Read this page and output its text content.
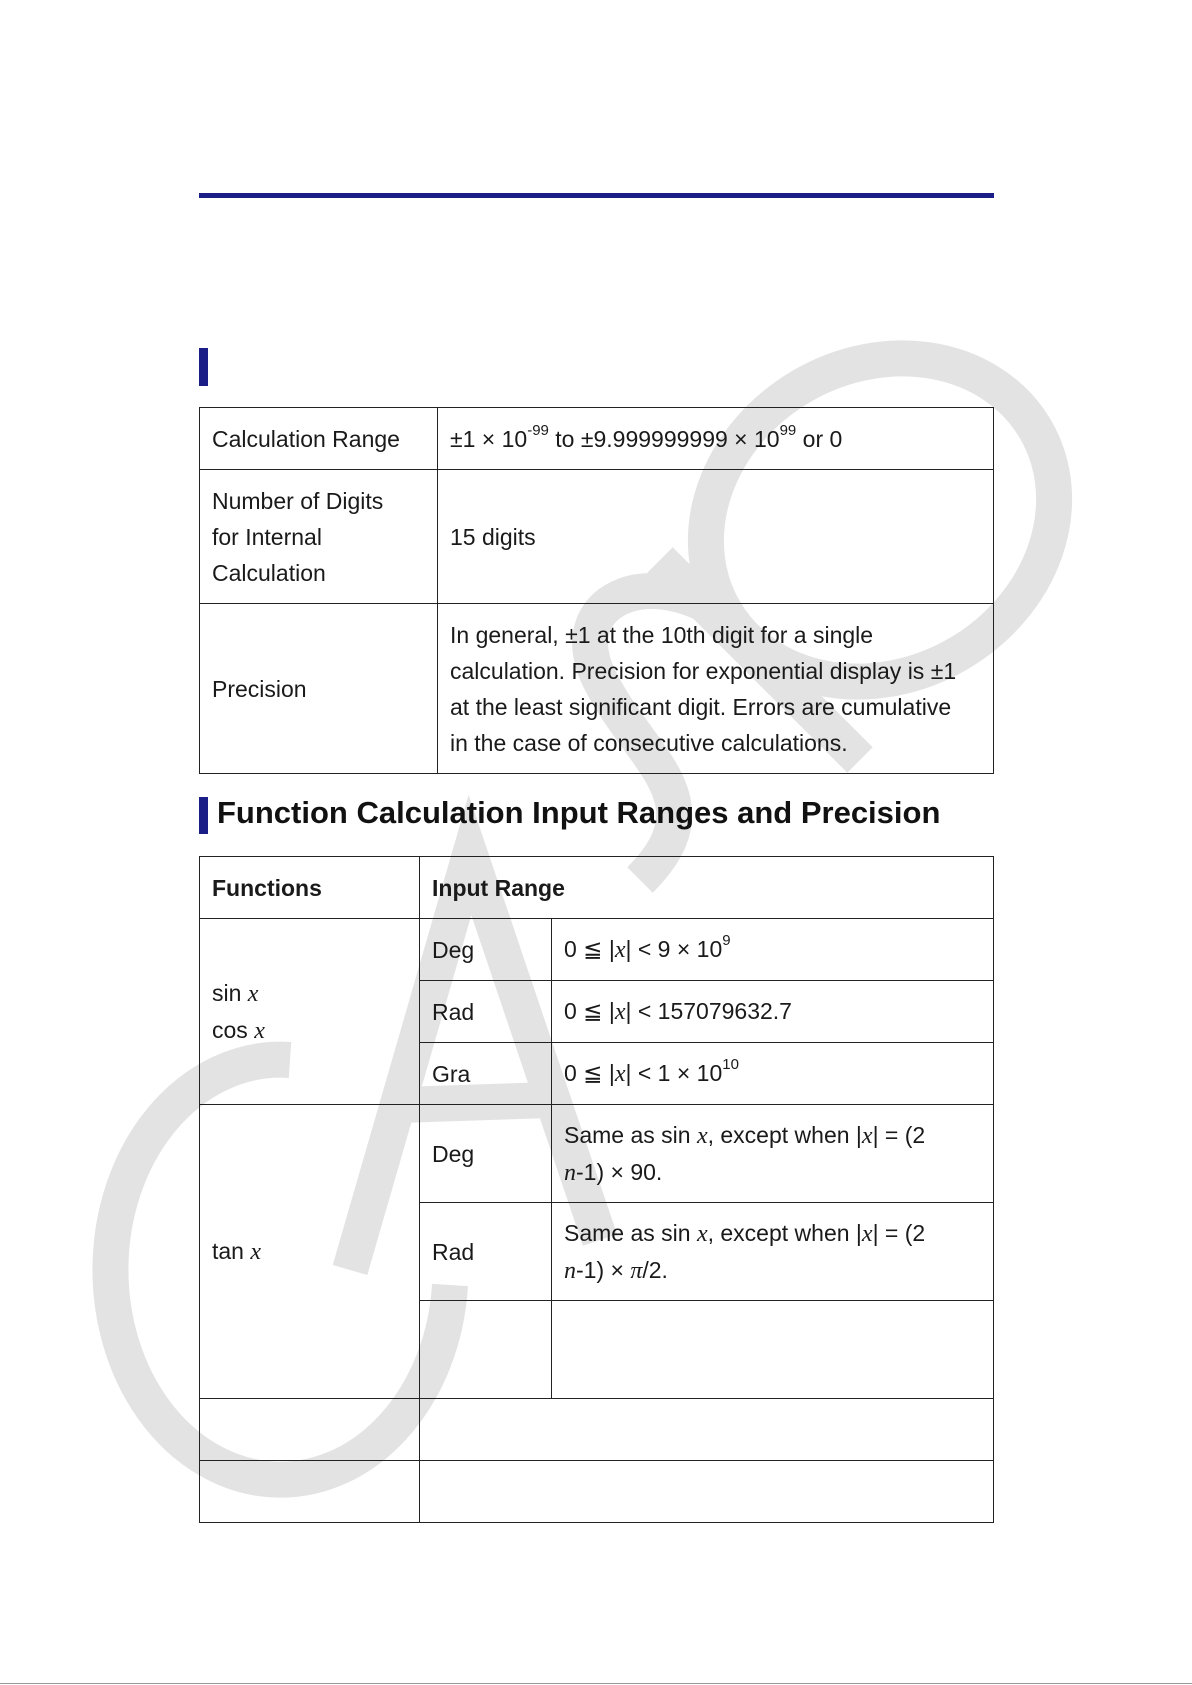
Calculation Range	$\pm 1 \times 10^{-99}$ to $\pm 9.999999999 \times 10^{99}$ or 0

Number of Digits
for Internal
Calculation	15 digits
Precision	In general, ±1 at the 10th digit for a single
calculation. Precision for exponential display is ±1
at the least significant digit. Errors are cumulative
in the case of consecutive calculations.
Function Calculation Input Ranges and Precision
Functions	Input Range	

sin x
cos x	Deg	0 ≦ $|x| < 9 \times 10^9$
	Rad	0 ≦ |x| < 157079632.7
	Gra	0 ≦ $|x| < 1 \times 10^{10}$
tan x	Deg	Same as sin x, except when |x| = (2
n-1) × 90.
	Rad	Same as sin x, except when |x| = (2
n-1) × π/2.
